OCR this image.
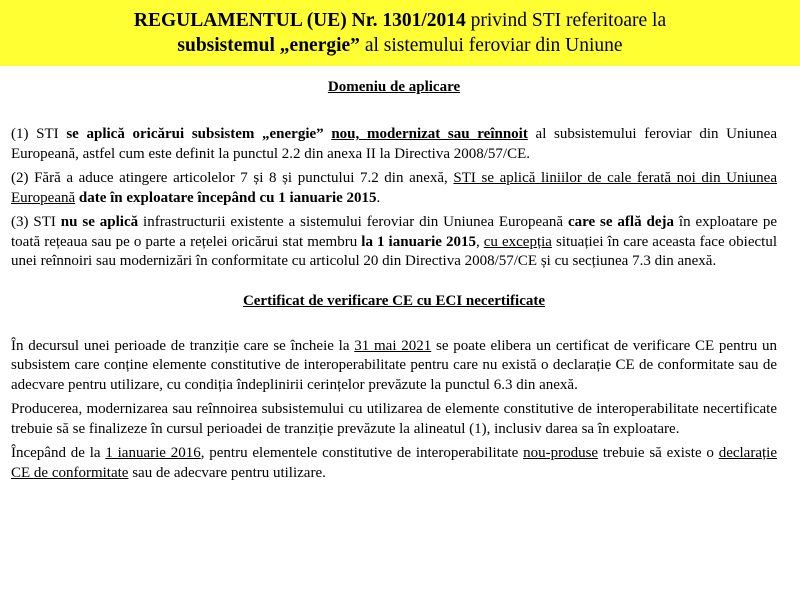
REGULAMENTUL (UE) Nr. 1301/2014 privind STI referitoare la
subsistemul „energie” al sistemului feroviar din Uniune
Domeniu de aplicare

(1) STI se aplică oricărui subsistem „energie” nou, modernizat sau reînnoit al subsistemului feroviar din Uniunea Europeană, astfel cum este definit la punctul 2.2 din anexa II la Directiva 2008/57/CE.

(2) Fără a aduce atingere articolelor 7 și 8 și punctului 7.2 din anexă, STI se aplică liniilor de cale ferată noi din Uniunea Europeană date în exploatare începând cu 1 ianuarie 2015.

(3) STI nu se aplică infrastructurii existente a sistemului feroviar din Uniunea Europeană care se află deja în exploatare pe toată rețeaua sau pe o parte a rețelei oricărui stat membru la 1 ianuarie 2015, cu excepția situației în care aceasta face obiectul unei reînnoiri sau modernizări în conformitate cu articolul 20 din Directiva 2008/57/CE și cu secțiunea 7.3 din anexă.

Certificat de verificare CE cu ECI necertificate

În decursul unei perioade de tranziție care se încheie la 31 mai 2021 se poate elibera un certificat de verificare CE pentru un subsistem care conține elemente constitutive de interoperabilitate pentru care nu există o declarație CE de conformitate sau de adecvare pentru utilizare, cu condiția îndeplinirii cerințelor prevăzute la punctul 6.3 din anexă.

Producerea, modernizarea sau reînnoirea subsistemului cu utilizarea de elemente constitutive de interoperabilitate necertificate trebuie să se finalizeze în cursul perioadei de tranziție prevăzute la alineatul (1), inclusiv darea sa în exploatare.

Începând de la 1 ianuarie 2016, pentru elementele constitutive de interoperabilitate nou-produse trebuie să existe o declarație CE de conformitate sau de adecvare pentru utilizare.
